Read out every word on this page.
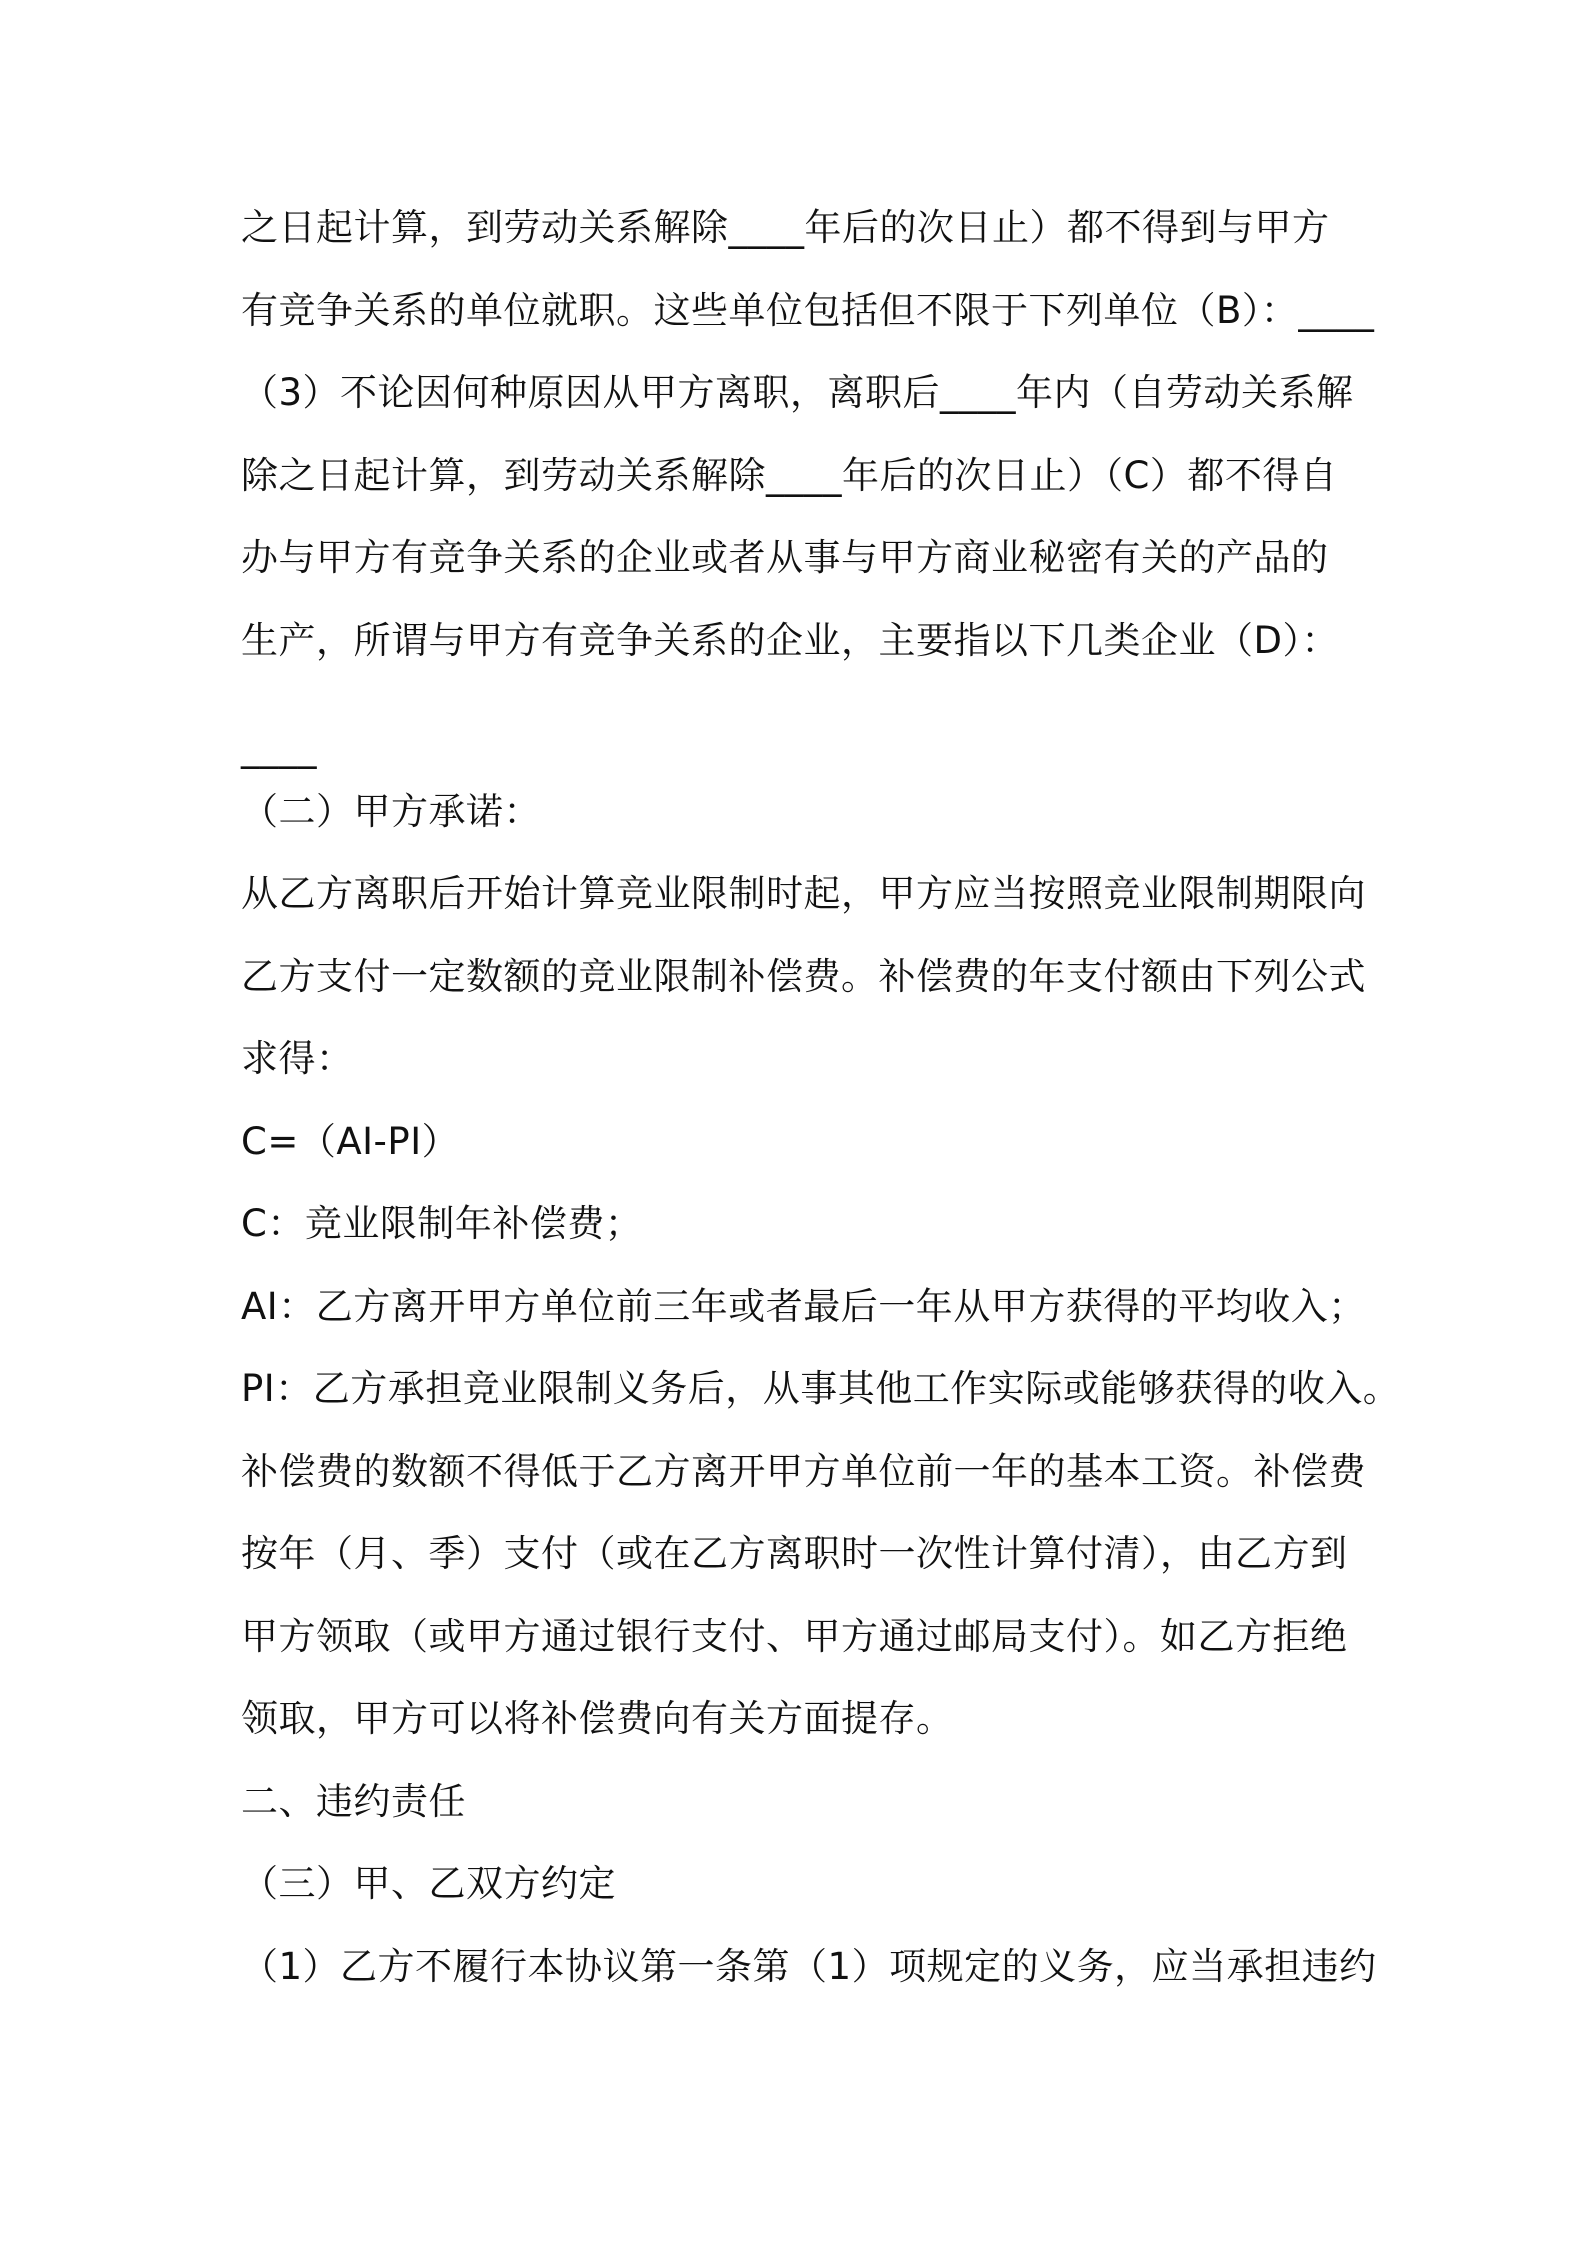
之日起计算，到劳动关系解除____年后的次日止）都不得到与甲方
有竞争关系的单位就职。这些单位包括但不限于下列单位（B）：____
（3）不论因何种原因从甲方离职，离职后____年内（自劳动关系解
除之日起计算，到劳动关系解除____年后的次日止）（C）都不得自
办与甲方有竞争关系的企业或者从事与甲方商业秘密有关的产品的
生产，所谓与甲方有竞争关系的企业，主要指以下几类企业（D）：
____
（二）甲方承诺：
从乙方离职后开始计算竞业限制时起，甲方应当按照竞业限制期限向
乙方支付一定数额的竞业限制补偿费。补偿费的年支付额由下列公式
求得：
C=（AI-PI）
C：竞业限制年补偿费；
AI：乙方离开甲方单位前三年或者最后一年从甲方获得的平均收入；
PI：乙方承担竞业限制义务后，从事其他工作实际或能够获得的收入。
补偿费的数额不得低于乙方离开甲方单位前一年的基本工资。补偿费
按年（月、季）支付（或在乙方离职时一次性计算付清），由乙方到
甲方领取（或甲方通过银行支付、甲方通过邮局支付）。如乙方拒绝
领取，甲方可以将补偿费向有关方面提存。
二、违约责任
（三）甲、乙双方约定
（1）乙方不履行本协议第一条第（1）项规定的义务，应当承担违约
